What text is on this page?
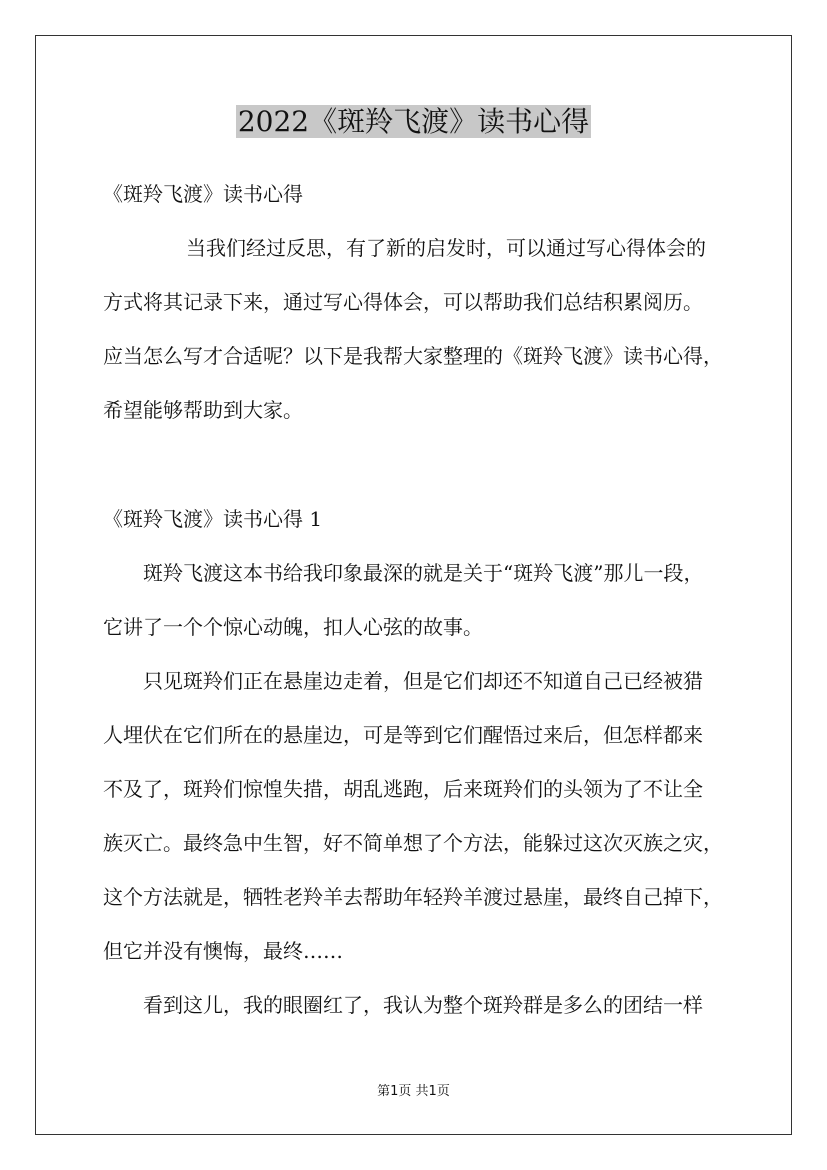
2022《斑羚飞渡》读书心得

《斑羚飞渡》读书心得

当我们经过反思，有了新的启发时，可以通过写心得体会的

方式将其记录下来，通过写心得体会，可以帮助我们总结积累阅历。

应当怎么写才合适呢？以下是我帮大家整理的《斑羚飞渡》读书心得，

希望能够帮助到大家。

《斑羚飞渡》读书心得 1

斑羚飞渡这本书给我印象最深的就是关于“斑羚飞渡”那儿一段，

它讲了一个个惊心动魄，扣人心弦的故事。

只见斑羚们正在悬崖边走着，但是它们却还不知道自己已经被猎

人埋伏在它们所在的悬崖边，可是等到它们醒悟过来后，但怎样都来

不及了，斑羚们惊惶失措，胡乱逃跑，后来斑羚们的头领为了不让全

族灭亡。最终急中生智，好不简单想了个方法，能躲过这次灭族之灾，

这个方法就是，牺牲老羚羊去帮助年轻羚羊渡过悬崖，最终自己掉下，

但它并没有懊悔，最终……

看到这儿，我的眼圈红了，我认为整个斑羚群是多么的团结一样

第1页 共1页
